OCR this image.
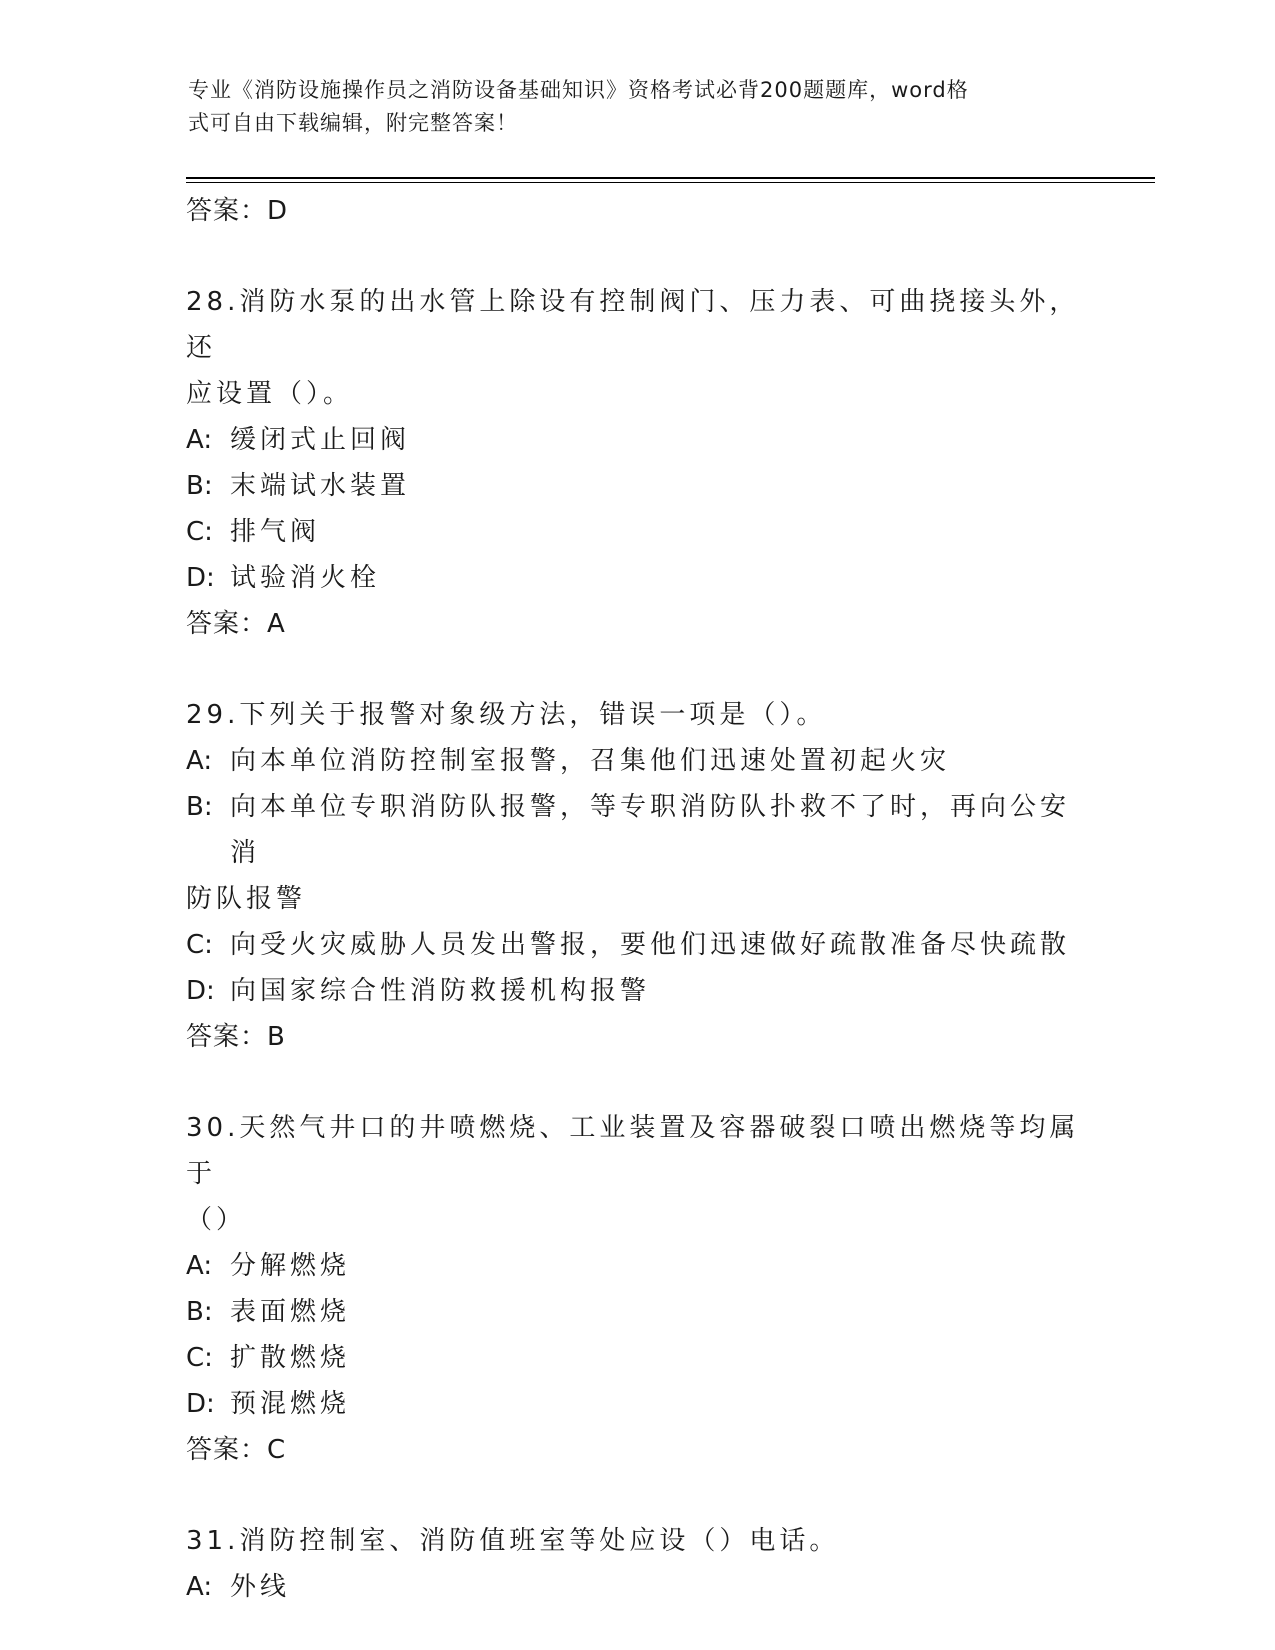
专业《消防设施操作员之消防设备基础知识》资格考试必背200题题库，word格
式可自由下载编辑，附完整答案！
答案：D
28.消防水泵的出水管上除设有控制阀门、压力表、可曲挠接头外，还
应设置（）。
A: 缓闭式止回阀
B: 末端试水装置
C: 排气阀
D: 试验消火栓
答案：A
29.下列关于报警对象级方法，错误一项是（）。
A: 向本单位消防控制室报警，召集他们迅速处置初起火灾
B: 向本单位专职消防队报警，等专职消防队扑救不了时，再向公安消
防队报警
C: 向受火灾威胁人员发出警报，要他们迅速做好疏散准备尽快疏散
D: 向国家综合性消防救援机构报警
答案：B
30.天然气井口的井喷燃烧、工业装置及容器破裂口喷出燃烧等均属于
（）
A: 分解燃烧
B: 表面燃烧
C: 扩散燃烧
D: 预混燃烧
答案：C
31.消防控制室、消防值班室等处应设（）电话。
A: 外线
